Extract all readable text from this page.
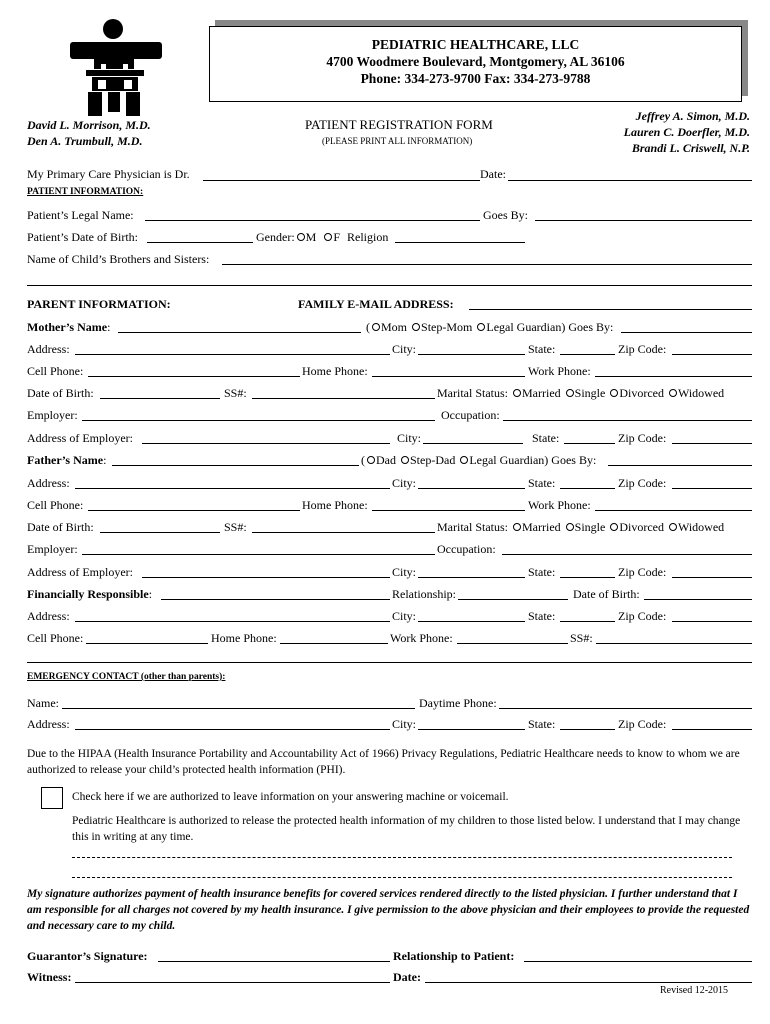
PEDIATRIC HEALTHCARE, LLC
4700 Woodmere Boulevard, Montgomery, AL 36106
Phone: 334-273-9700 Fax: 334-273-9788
David L. Morrison, M.D.
Den A. Trumbull, M.D.
Jeffrey A. Simon, M.D.
Lauren C. Doerfler, M.D.
Brandi L. Criswell, N.P.
PATIENT REGISTRATION FORM
(PLEASE PRINT ALL INFORMATION)
My Primary Care Physician is Dr.	Date:
PATIENT INFORMATION:
Patient’s Legal Name:	Goes By:
Patient’s Date of Birth:	Gender: M F Religion
Name of Child’s Brothers and Sisters:
PARENT INFORMATION:	FAMILY E-MAIL ADDRESS:
Mother’s Name:	( Mom Step-Mom Legal Guardian) Goes By:
Address:	City:	State:	Zip Code:
Cell Phone:	Home Phone:	Work Phone:
Date of Birth:	SS#:	Marital Status: Married Single Divorced Widowed
Employer:	Occupation:
Address of Employer:	City:	State:	Zip Code:
Father’s Name:	( Dad Step-Dad Legal Guardian) Goes By:
Address:	City:	State:	Zip Code:
Cell Phone:	Home Phone:	Work Phone:
Date of Birth:	SS#:	Marital Status: Married Single Divorced Widowed
Employer:	Occupation:
Address of Employer:	City:	State:	Zip Code:
Financially Responsible:	Relationship:	Date of Birth:
Address:	City:	State:	Zip Code:
Cell Phone:	Home Phone:	Work Phone:	SS#:
EMERGENCY CONTACT (other than parents):
Name:	Daytime Phone:
Address:	City:	State:	Zip Code:
Due to the HIPAA (Health Insurance Portability and Accountability Act of 1966) Privacy Regulations, Pediatric Healthcare needs to know to whom we are authorized to release your child’s protected health information (PHI).
Check here if we are authorized to leave information on your answering machine or voicemail.
Pediatric Healthcare is authorized to release the protected health information of my children to those listed below. I understand that I may change this in writing at any time.
My signature authorizes payment of health insurance benefits for covered services rendered directly to the listed physician. I further understand that I am responsible for all charges not covered by my health insurance. I give permission to the above physician and their employees to provide the requested and necessary care to my child.
Guarantor’s Signature:	Relationship to Patient:
Witness:	Date:
Revised 12-2015
